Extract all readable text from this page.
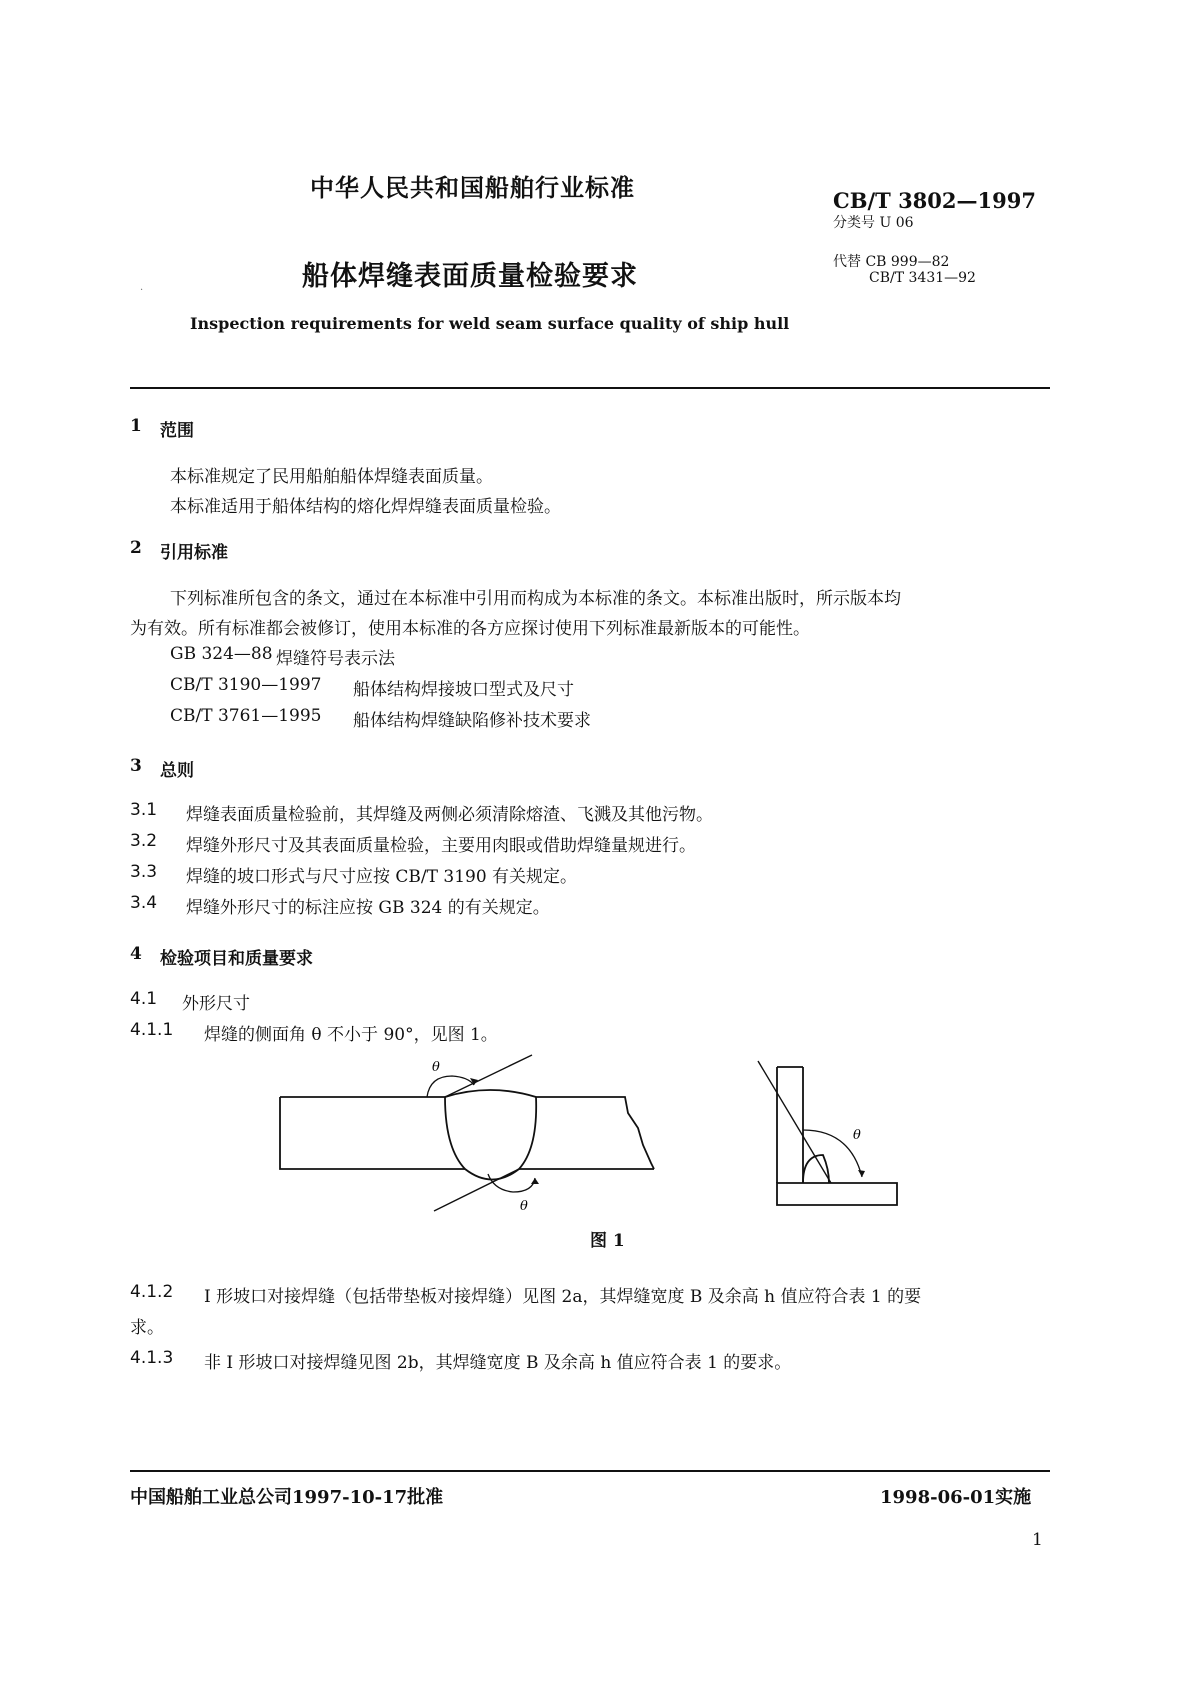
中华人民共和国船舶行业标准	CB/T 3802—1997
分类号 U 06
船体焊缝表面质量检验要求	代替 CB 999—82
CB/T 3431—92
·
Inspection requirements for weld seam surface quality of ship hull
1 范围
本标准规定了民用船舶船体焊缝表面质量。
本标准适用于船体结构的熔化焊焊缝表面质量检验。
2 引用标准
下列标准所包含的条文，通过在本标准中引用而构成为本标准的条文。本标准出版时，所示版本均
为有效。所有标准都会被修订，使用本标准的各方应探讨使用下列标准最新版本的可能性。
GB 324—88 焊缝符号表示法
CB/T 3190—1997 船体结构焊接坡口型式及尺寸
CB/T 3761—1995 船体结构焊缝缺陷修补技术要求
3 总则
3.1 焊缝表面质量检验前，其焊缝及两侧必须清除熔渣、飞溅及其他污物。
3.2 焊缝外形尺寸及其表面质量检验，主要用肉眼或借助焊缝量规进行。
3.3 焊缝的坡口形式与尺寸应按 CB/T 3190 有关规定。
3.4 焊缝外形尺寸的标注应按 GB 324 的有关规定。
4 检验项目和质量要求
4.1 外形尺寸
4.1.1 焊缝的侧面角 θ 不小于 90°，见图 1。
θ
θ
θ
图 1
4.1.2 I 形坡口对接焊缝（包括带垫板对接焊缝）见图 2a，其焊缝宽度 B 及余高 h 值应符合表 1 的要
求。
4.1.3 非 I 形坡口对接焊缝见图 2b，其焊缝宽度 B 及余高 h 值应符合表 1 的要求。
中国船舶工业总公司1997-10-17批准	1998-06-01实施
1
